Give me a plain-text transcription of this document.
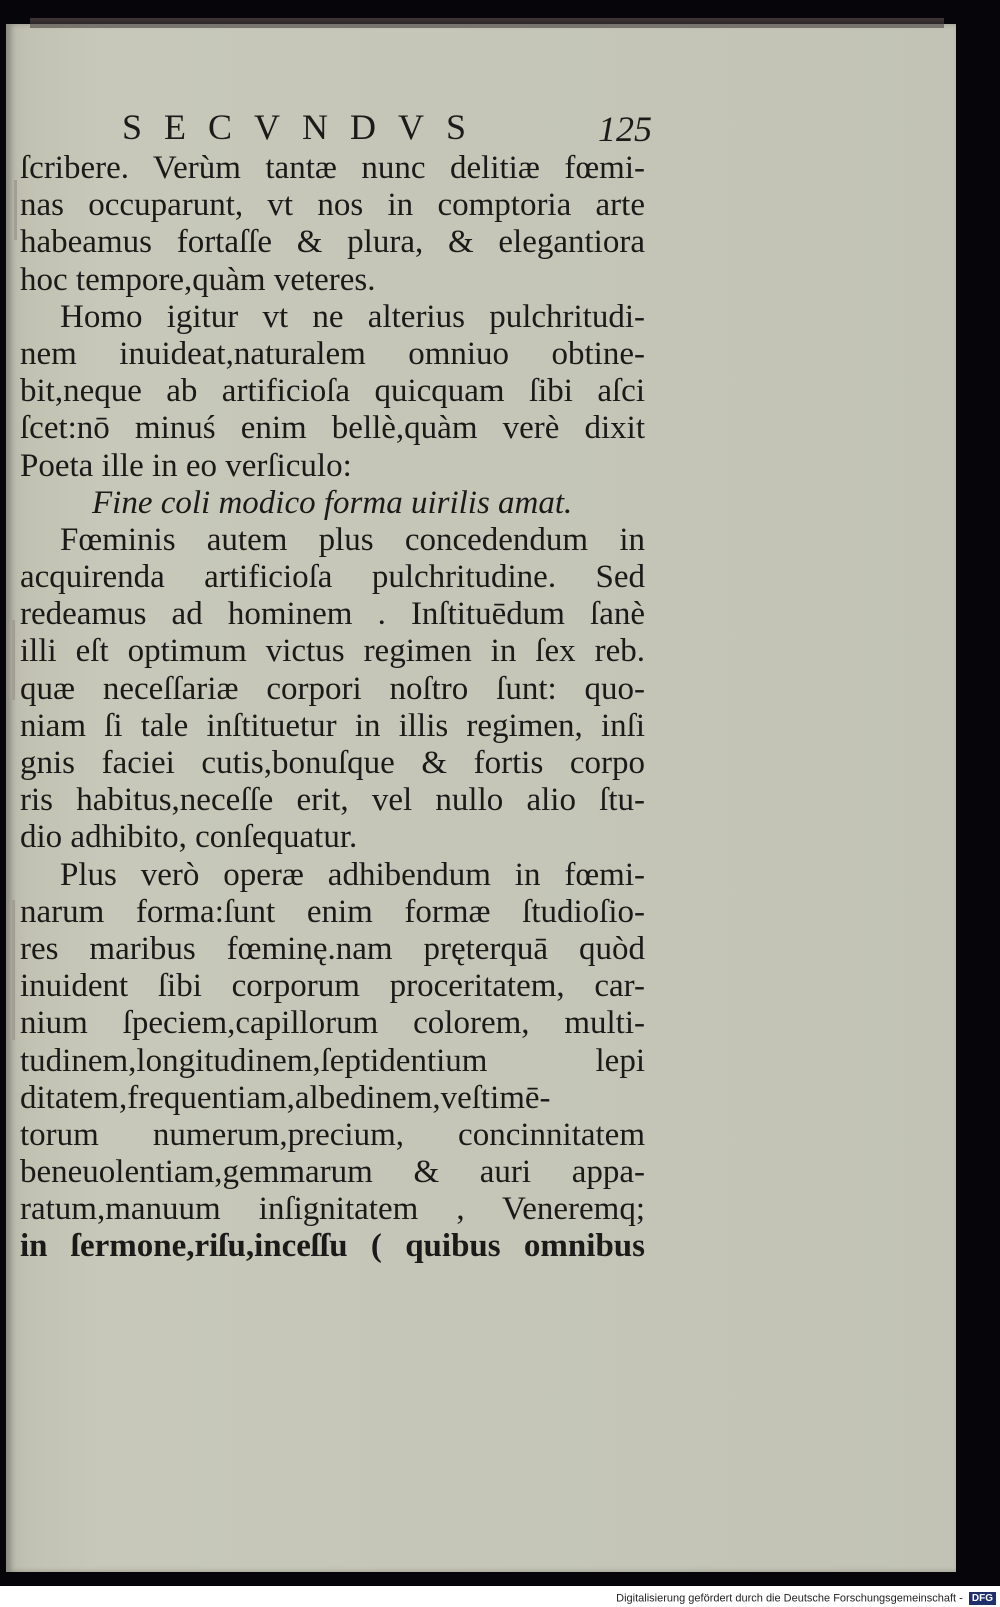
SECVNDVS	125
ſcribere. Verùm tantæ nunc delitiæ fœmi-
nas occuparunt, vt nos in comptoria arte
habeamus fortaſſe & plura, & elegantiora
hoc tempore,quàm veteres.
Homo igitur vt ne alterius pulchritudi-
nem inuideat,naturalem omniuo obtine-
bit,neque ab artificioſa quicquam ſibi aſci
ſcet:nō minuś enim bellè,quàm verè dixit
Poeta ille in eo verſiculo:
Fine coli modico forma uirilis amat.
Fœminis autem plus concedendum in
acquirenda artificioſa pulchritudine. Sed
redeamus ad hominem . Inſtituēdum ſanè
illi eſt optimum victus regimen in ſex reb.
quæ neceſſariæ corpori noſtro ſunt: quo-
niam ſi tale inſtituetur in illis regimen, inſi
gnis faciei cutis,bonuſque & fortis corpo
ris habitus,neceſſe erit, vel nullo alio ſtu-
dio adhibito, conſequatur.
Plus verò operæ adhibendum in fœmi-
narum forma:ſunt enim formæ ſtudioſio-
res maribus fœminę.nam pręterquā quòd
inuident ſibi corporum proceritatem, car-
nium ſpeciem,capillorum colorem, multi-
tudinem,longitudinem,ſeptidentium lepi
ditatem,frequentiam,albedinem,veſtimē-
torum numerum,precium, concinnitatem
beneuolentiam,gemmarum & auri appa-
ratum,manuum inſignitatem , Veneremq;
in ſermone,riſu,inceſſu ( quibus omnibus
Digitalisierung gefördert durch die Deutsche Forschungsgemeinschaft - DFG
